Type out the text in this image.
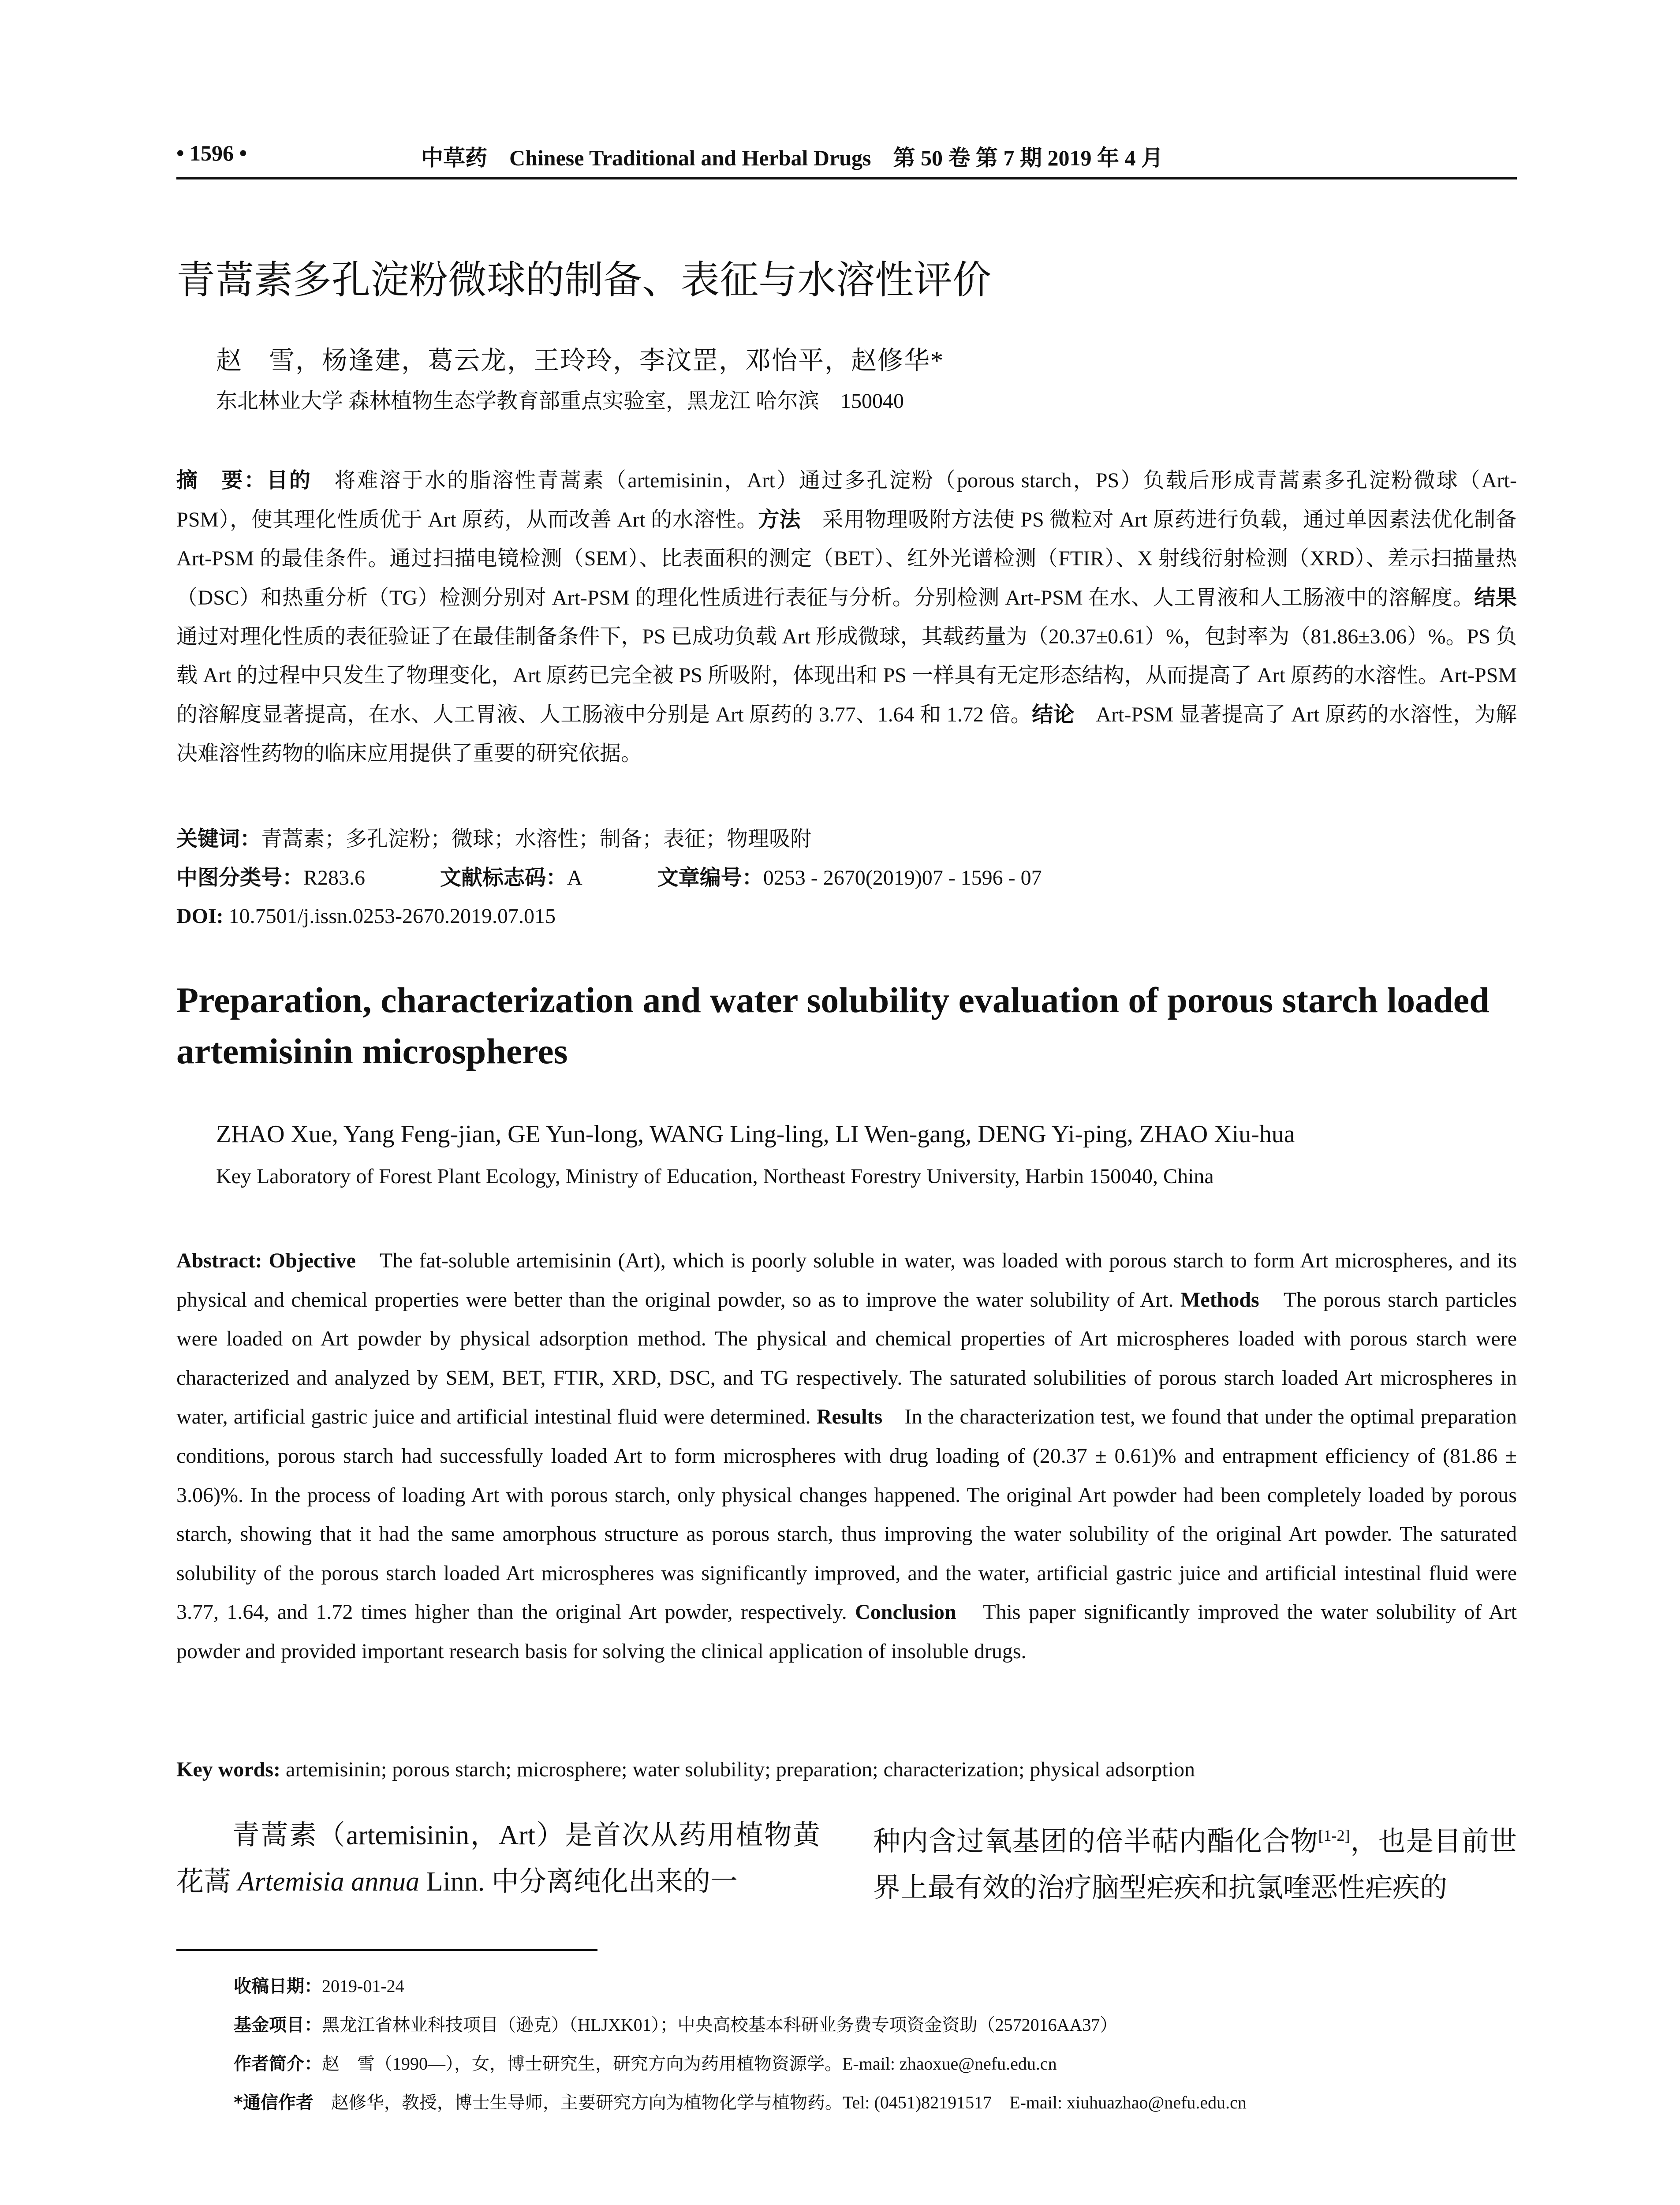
• 1596 •	中草药　Chinese Traditional and Herbal Drugs　第 50 卷 第 7 期 2019 年 4 月
青蒿素多孔淀粉微球的制备、表征与水溶性评价
赵　雪，杨逢建，葛云龙，王玲玲，李汶罡，邓怡平，赵修华*
东北林业大学 森林植物生态学教育部重点实验室，黑龙江 哈尔滨　150040
摘　要：目的　 将难溶于水的脂溶性青蒿素（artemisinin，Art）通过多孔淀粉（porous starch，PS）负载后形成青蒿素多孔淀粉微球（Art-PSM），使其理化性质优于 Art 原药，从而改善 Art 的水溶性。方法　 采用物理吸附方法使 PS 微粒对 Art 原药进行负载，通过单因素法优化制备 Art-PSM 的最佳条件。通过扫描电镜检测（SEM）、比表面积的测定（BET）、红外光谱检测（FTIR）、X 射线衍射检测（XRD）、差示扫描量热（DSC）和热重分析（TG）检测分别对 Art-PSM 的理化性质进行表征与分析。分别检测 Art-PSM 在水、人工胃液和人工肠液中的溶解度。结果　通过对理化性质的表征验证了在最佳制备条件下，PS 已成功负载 Art 形成微球，其载药量为（20.37±0.61）%，包封率为（81.86±3.06）%。PS 负载 Art 的过程中只发生了物理变化，Art 原药已完全被 PS 所吸附，体现出和 PS 一样具有无定形态结构，从而提高了 Art 原药的水溶性。Art-PSM 的溶解度显著提高，在水、人工胃液、人工肠液中分别是 Art 原药的 3.77、1.64 和 1.72 倍。结论　 Art-PSM 显著提高了 Art 原药的水溶性，为解决难溶性药物的临床应用提供了重要的研究依据。
关键词：青蒿素；多孔淀粉；微球；水溶性；制备；表征；物理吸附
中图分类号：R283.6	文献标志码：A	文章编号：0253 - 2670(2019)07 - 1596 - 07
DOI: 10.7501/j.issn.0253-2670.2019.07.015
Preparation, characterization and water solubility evaluation of porous starch loaded artemisinin microspheres
ZHAO Xue, Yang Feng-jian, GE Yun-long, WANG Ling-ling, LI Wen-gang, DENG Yi-ping, ZHAO Xiu-hua
Key Laboratory of Forest Plant Ecology, Ministry of Education, Northeast Forestry University, Harbin 150040, China
Abstract: Objective　 The fat-soluble artemisinin (Art), which is poorly soluble in water, was loaded with porous starch to form Art microspheres, and its physical and chemical properties were better than the original powder, so as to improve the water solubility of Art. Methods　 The porous starch particles were loaded on Art powder by physical adsorption method. The physical and chemical properties of Art microspheres loaded with porous starch were characterized and analyzed by SEM, BET, FTIR, XRD, DSC, and TG respectively. The saturated solubilities of porous starch loaded Art microspheres in water, artificial gastric juice and artificial intestinal fluid were determined. Results　 In the characterization test, we found that under the optimal preparation conditions, porous starch had successfully loaded Art to form microspheres with drug loading of (20.37 ± 0.61)% and entrapment efficiency of (81.86 ± 3.06)%. In the process of loading Art with porous starch, only physical changes happened. The original Art powder had been completely loaded by porous starch, showing that it had the same amorphous structure as porous starch, thus improving the water solubility of the original Art powder. The saturated solubility of the porous starch loaded Art microspheres was significantly improved, and the water, artificial gastric juice and artificial intestinal fluid were 3.77, 1.64, and 1.72 times higher than the original Art powder, respectively. Conclusion　 This paper significantly improved the water solubility of Art powder and provided important research basis for solving the clinical application of insoluble drugs.
Key words: artemisinin; porous starch; microsphere; water solubility; preparation; characterization; physical adsorption
青蒿素（artemisinin，Art）是首次从药用植物黄花蒿 Artemisia annua Linn. 中分离纯化出来的一
种内含过氧基团的倍半萜内酯化合物[1-2]，也是目前世界上最有效的治疗脑型疟疾和抗氯喹恶性疟疾的
收稿日期：2019-01-24
基金项目：黑龙江省林业科技项目（逊克）（HLJXK01）；中央高校基本科研业务费专项资金资助（2572016AA37）
作者简介：赵　雪（1990—），女，博士研究生，研究方向为药用植物资源学。E-mail: zhaoxue@nefu.edu.cn
*通信作者　 赵修华，教授，博士生导师，主要研究方向为植物化学与植物药。Tel: (0451)82191517　E-mail: xiuhuazhao@nefu.edu.cn
